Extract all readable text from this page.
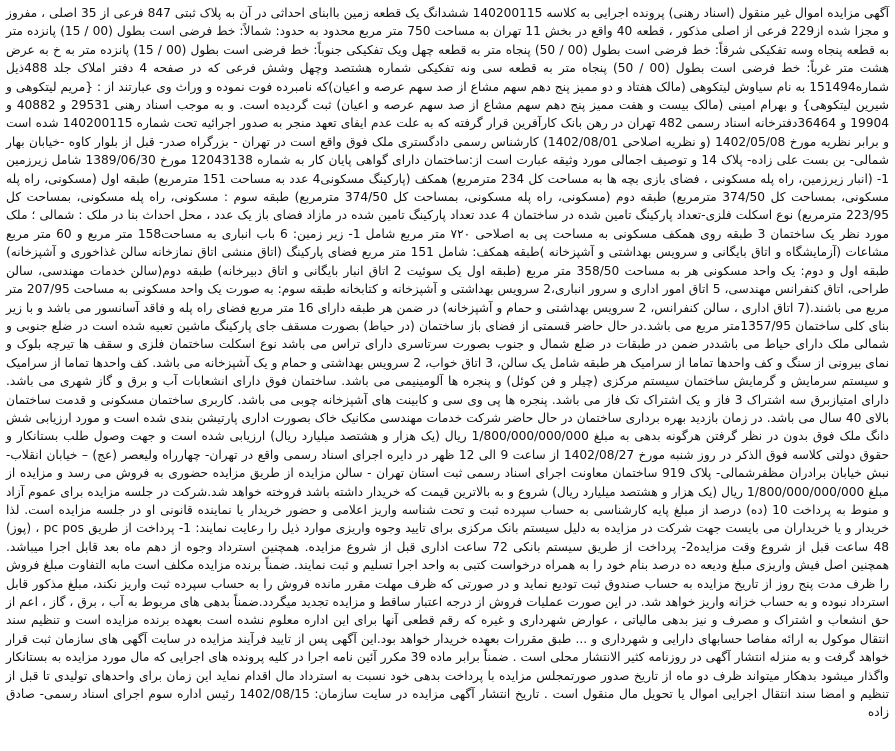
آگهی مزایده اموال غیر منقول (اسناد رهنی) پرونده اجرایی به کلاسه 140200115 ششدانگ یک قطعه زمین باابنای احداثی در آن به پلاک ثبتی 847 فرعی از 35 اصلی ، مفروز و مجزا شده از229 فرعی از اصلی مذکور ، قطعه 40 واقع در بخش 11 تهران به مساحت 750 متر مربع محدود به حدود: شمالاً: خط فرضی است بطول (00 / 15) پانزده متر به قطعه پنجاه وسه تفکیکی شرقاً: خط فرضی است بطول (00 / 50) پنجاه متر به قطعه چهل ویک تفکیکی جنوباً: خط فرضی است بطول (00 / 15) پانزده متر به خ به عرض هشت متر غرباً: خط فرضی است بطول (00 / 50) پنجاه متر به قطعه سی ونه تفکیکی شماره هشتصد وچهل وشش فرعی که در صفحه 4 دفتر املاک جلد 488ذیل شماره151494 به نام سیاوش لیتکوهی (مالک هفتاد و دو ممیز پنج دهم سهم مشاع از صد سهم عرصه و اعیان)که نامبرده فوت نموده و وراث وی عبارتند از : {مریم لیتکوهی و شیرین لیتکوهی} و بهرام امینی (مالک بیست و هفت ممیز پنج دهم سهم مشاع از صد سهم عرصه و اعیان) ثبت گردیده است. و به موجب اسناد رهنی 29531 و 40882 و 19904 و 36464دفترخانه اسناد رسمی 482 تهران در رهن بانک کارآفرین قرار گرفته که به علت عدم ایفای تعهد منجر به صدور اجرائیه تحت شماره 140200115 شده است و برابر نظریه مورخ 1402/05/08 (و نظریه اصلاحی 1402/08/01) کارشناس رسمی دادگستری ملک فوق واقع است در تهران - بزرگراه صدر- قبل از بلوار کاوه -خیابان بهار شمالی- بن بست علی زاده- پلاک 14 و توصیف اجمالی مورد وثیقه عبارت است از:ساختمان دارای گواهی پایان کار به شماره 12043138 مورخ 1389/06/30 شامل زیرزمین 1- (انبار زیرزمین، راه پله مسکونی ، فضای بازی بچه ها به مساحت کل 234 مترمربع) همکف (پارکینگ مسکونی4 عدد به مساحت 151 مترمربع) طبقه اول (مسکونی، راه پله مسکونی، بمساحت کل 374/50 مترمربع) طبقه دوم (مسکونی، راه پله مسکونی، بمساحت کل 374/50 مترمربع) طبقه سوم : مسکونی، راه پله مسکونی، بمساحت کل 223/95 مترمربع) نوع اسکلت فلزی-تعداد پارکینگ تامین شده در ساختمان 4 عدد تعداد پارکینگ تامین شده در مازاد فضای باز یک عدد ، محل احداث بنا در ملک : شمالی ؛ ملک مورد نظر یک ساختمان 3 طبقه روی همکف مسکونی به مساحت پی به اصلاحی ۷۲۰ متر مربع شامل 1- زیر زمین: 6 باب انباری به مساحت158 متر مربع و 60 متر مربع مشاعات (آزمایشگاه و اتاق بایگانی و سرویس بهداشتی و آشپزخانه )طبقه همکف: شامل 151 متر مربع فضای پارکینگ (اتاق منشی اتاق نمازخانه سالن غذاخوری و آشپزخانه) طبقه اول و دوم: یک واحد مسکونی هر به مساحت 358/50 متر مربع (طبقه اول یک سوئیت 2 اتاق انبار بایگانی و اتاق دبیرخانه) طبقه دوم(سالن خدمات مهندسی، سالن طراحی، اتاق کنفرانس مهندسی، 5 اتاق امور اداری و سرور انباری،2 سرویس بهداشتی و آشپزخانه و کتابخانه طبقه سوم: به صورت یک واحد مسکونی به مساحت 207/95 متر مربع می باشند.(7 اتاق اداری ، سالن کنفرانس، 2 سرویس بهداشتی و حمام و آشپزخانه) در ضمن هر طبقه دارای 16 متر مربع فضای راه پله و فاقد آسانسور می باشد و با زیر بنای کلی ساختمان 1357/95متر مربع می باشد.در حال حاضر قسمتی از فضای باز ساختمان (در حیاط) بصورت مسقف جای پارکینگ ماشین تعبیه شده است در ضلع جنوبی و شمالی ملک دارای حیاط می باشددر ضمن در طبقات در ضلع شمال و جنوب بصورت سرتاسری دارای تراس می باشد نوع اسکلت ساختمان فلزی و سقف ها تیرچه بلوک و نمای بیرونی از سنگ و کف واحدها تماما از سرامیک هر طبقه شامل یک سالن، 3 اتاق خواب، 2 سرویس بهداشتی و حمام و یک آشپزخانه می باشد. کف واحدها تماما از سرامیک و سیستم سرمایش و گرمایش ساختمان سیستم مرکزی (چیلر و فن کوئل) و پنجره ها آلومینیمی می باشد. ساختمان فوق دارای انشعابات آب و برق و گاز شهری می باشد. دارای امتیازبرق سه اشتراک 3 فاز و یک اشتراک تک فاز می باشد. پنجره ها پی وی سی و کابینت های آشپزخانه چوبی می باشد. کاربری ساختمان مسکونی و قدمت ساختمان بالای 40 سال می باشد. در زمان بازدید بهره برداری ساختمان در حال حاضر شرکت خدمات مهندسی مکانیک خاک بصورت اداری پارتیشن بندی شده است و مورد ارزیابی شش دانگ ملک فوق بدون در نظر گرفتن هرگونه بدهی به مبلغ 1/800/000/000/000 ریال (یک هزار و هشتصد میلیارد ریال) ارزیابی شده است و جهت وصول طلب بستانکار و حقوق دولتی کلاسه فوق الذکر در روز شنبه مورخ 1402/08/27 از ساعت 9 الی 12 ظهر در دایره اجرای اسناد رسمی واقع در تهران- چهارراه ولیعصر (عج) – خیابان انقلاب- نبش خیابان برادران مظفرشمالی- پلاک 919 ساختمان معاونت اجرای اسناد رسمی ثبت استان تهران - سالن مزایده از طریق مزایده حضوری به فروش می رسد و مزایده از مبلغ 1/800/000/000/000 ریال (یک هزار و هشتصد میلیارد ریال) شروع و به بالاترین قیمت که خریدار داشته باشد فروخته خواهد شد.شرکت در جلسه مزایده برای عموم آزاد و منوط به پرداخت 10 (ده) درصد از مبلغ پایه کارشناسی به حساب سپرده ثبت و تحت شناسه واریز اعلامی و حضور خریدار یا نماینده قانونی او در جلسه مزایده است. لذا خریدار و یا خریداران می بایست جهت شرکت در مزایده به دلیل سیستم بانک مرکزی برای تایید وجوه واریزی موارد ذیل را رعایت نمایند: 1- پرداخت از طریق pc pos ، (پوز) 48 ساعت قبل از شروع وقت مزایده2- پرداخت از طریق سیستم بانکی 72 ساعت اداری قبل از شروع مزایده. همچنین استرداد وجوه از دهم ماه بعد قابل اجرا میباشد. همچنین اصل فیش واریزی مبلغ ودیعه ده درصد بنام خود را به همراه درخواست کتبی به واحد اجرا تسلیم و ثبت نمایند. ضمناً برنده مزایده مکلف است مابه التفاوت مبلغ فروش را ظرف مدت پنج روز از تاریخ مزایده به حساب صندوق ثبت تودیع نماید و در صورتی که ظرف مهلت مقرر مانده فروش را به حساب سپرده ثبت واریز نکند، مبلغ مذکور قابل استرداد نبوده و به حساب خزانه واریز خواهد شد. در این صورت عملیات فروش از درجه اعتبار ساقط و مزایده تجدید میگردد.ضمناً بدهی های مربوط به آب ، برق ، گاز ، اعم از حق انشعاب و اشتراک و مصرف و نیز بدهی مالیاتی ، عوارض شهرداری و غیره که رقم قطعی آنها برای این اداره معلوم نشده است بعهده برنده مزایده است و تنظیم سند انتقال موکول به ارائه مفاصا حسابهای دارایی و شهرداری و ... طبق مقررات بعهده خریدار خواهد بود.این آگهی پس از تایید فرآیند مزایده در سایت آگهی های سازمان ثبت قرار خواهد گرفت و به منزله انتشار آگهی در روزنامه کثیر الانتشار محلی است . ضمناً برابر ماده 39 مکرر آئین نامه اجرا در کلیه پرونده های اجرایی که مال مورد مزایده به بستانکار واگذار میشود بدهکار میتواند ظرف دو ماه از تاریخ صدور صورتمجلس مزایده با پرداخت بدهی خود نسبت به استرداد مال اقدام نماید این زمان برای واحدهای تولیدی تا قبل از تنظیم و امضا سند انتقال اجرایی اموال یا تحویل مال منقول است . تاریخ انتشار آگهی مزایده در سایت سازمان: 1402/08/15 رئیس اداره سوم اجرای اسناد رسمی- صادق زاده
